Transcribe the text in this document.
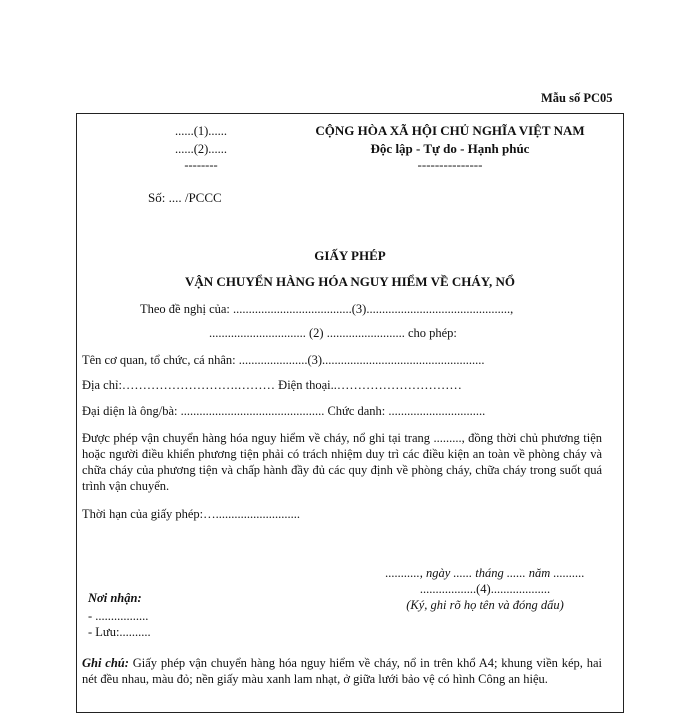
Mẫu số PC05
......(1)......
......(2)......
--------
CỘNG HÒA XÃ HỘI CHỦ NGHĨA VIỆT NAM
Độc lập - Tự do - Hạnh phúc
---------------
Số: .... /PCCC
GIẤY PHÉP
VẬN CHUYỂN HÀNG HÓA NGUY HIỂM VỀ CHÁY, NỔ
Theo đề nghị của: ......................................(3)..............................................,
............................... (2) ......................... cho phép:
Tên cơ quan, tổ chức, cá nhân: ......................(3)....................................................
Địa chỉ:……………………….……… Điện thoại..…………………………
Đại diện là ông/bà: .............................................. Chức danh: ...............................
Được phép vận chuyển hàng hóa nguy hiểm về cháy, nổ ghi tại trang ........., đồng thời chủ phương tiện hoặc người điều khiển phương tiện phải có trách nhiệm duy trì các điều kiện an toàn về phòng cháy và chữa cháy của phương tiện và chấp hành đầy đủ các quy định về phòng cháy, chữa cháy trong suốt quá trình vận chuyển.
Thời hạn của giấy phép:…...........................
..........., ngày ...... tháng ...... năm ..........
..................(4)...................
(Ký, ghi rõ họ tên và đóng dấu)
Nơi nhận:
- .................
- Lưu:..........
Ghi chú: Giấy phép vận chuyển hàng hóa nguy hiểm về cháy, nổ in trên khổ A4; khung viền kép, hai nét đều nhau, màu đỏ; nền giấy màu xanh lam nhạt, ở giữa lưới bảo vệ có hình Công an hiệu.
